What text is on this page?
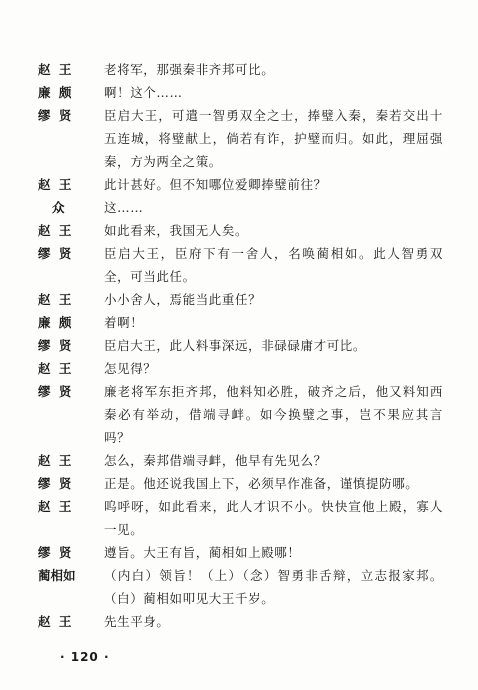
赵 王	老将军，那强秦非齐邦可比。
廉 颇	啊！这个……
缪 贤	臣启大王，可遣一智勇双全之士，捧璧入秦，秦若交出十五连城，将璧献上，倘若有诈，护璧而归。如此，理屈强秦，方为两全之策。
赵 王	此计甚好。但不知哪位爱卿捧璧前往？
众	这……
赵 王	如此看来，我国无人矣。
缪 贤	臣启大王，臣府下有一舍人，名唤蔺相如。此人智勇双全，可当此任。
赵 王	小小舍人，焉能当此重任？
廉 颇	着啊！
缪 贤	臣启大王，此人料事深远，非碌碌庸才可比。
赵 王	怎见得？
缪 贤	廉老将军东拒齐邦，他料知必胜，破齐之后，他又料知西秦必有举动，借端寻衅。如今换璧之事，岂不果应其言吗？
赵 王	怎么，秦邦借端寻衅，他早有先见么？
缪 贤	正是。他还说我国上下，必须早作准备，谨慎提防哪。
赵 王	呜呼呀，如此看来，此人才识不小。快快宣他上殿，寡人一见。
缪 贤	遵旨。大王有旨，蔺相如上殿哪！
蔺相如	（内白）领旨！（上）（念）智勇非舌辩，立志报家邦。（白）蔺相如叩见大王千岁。
赵 王	先生平身。
· 120 ·
